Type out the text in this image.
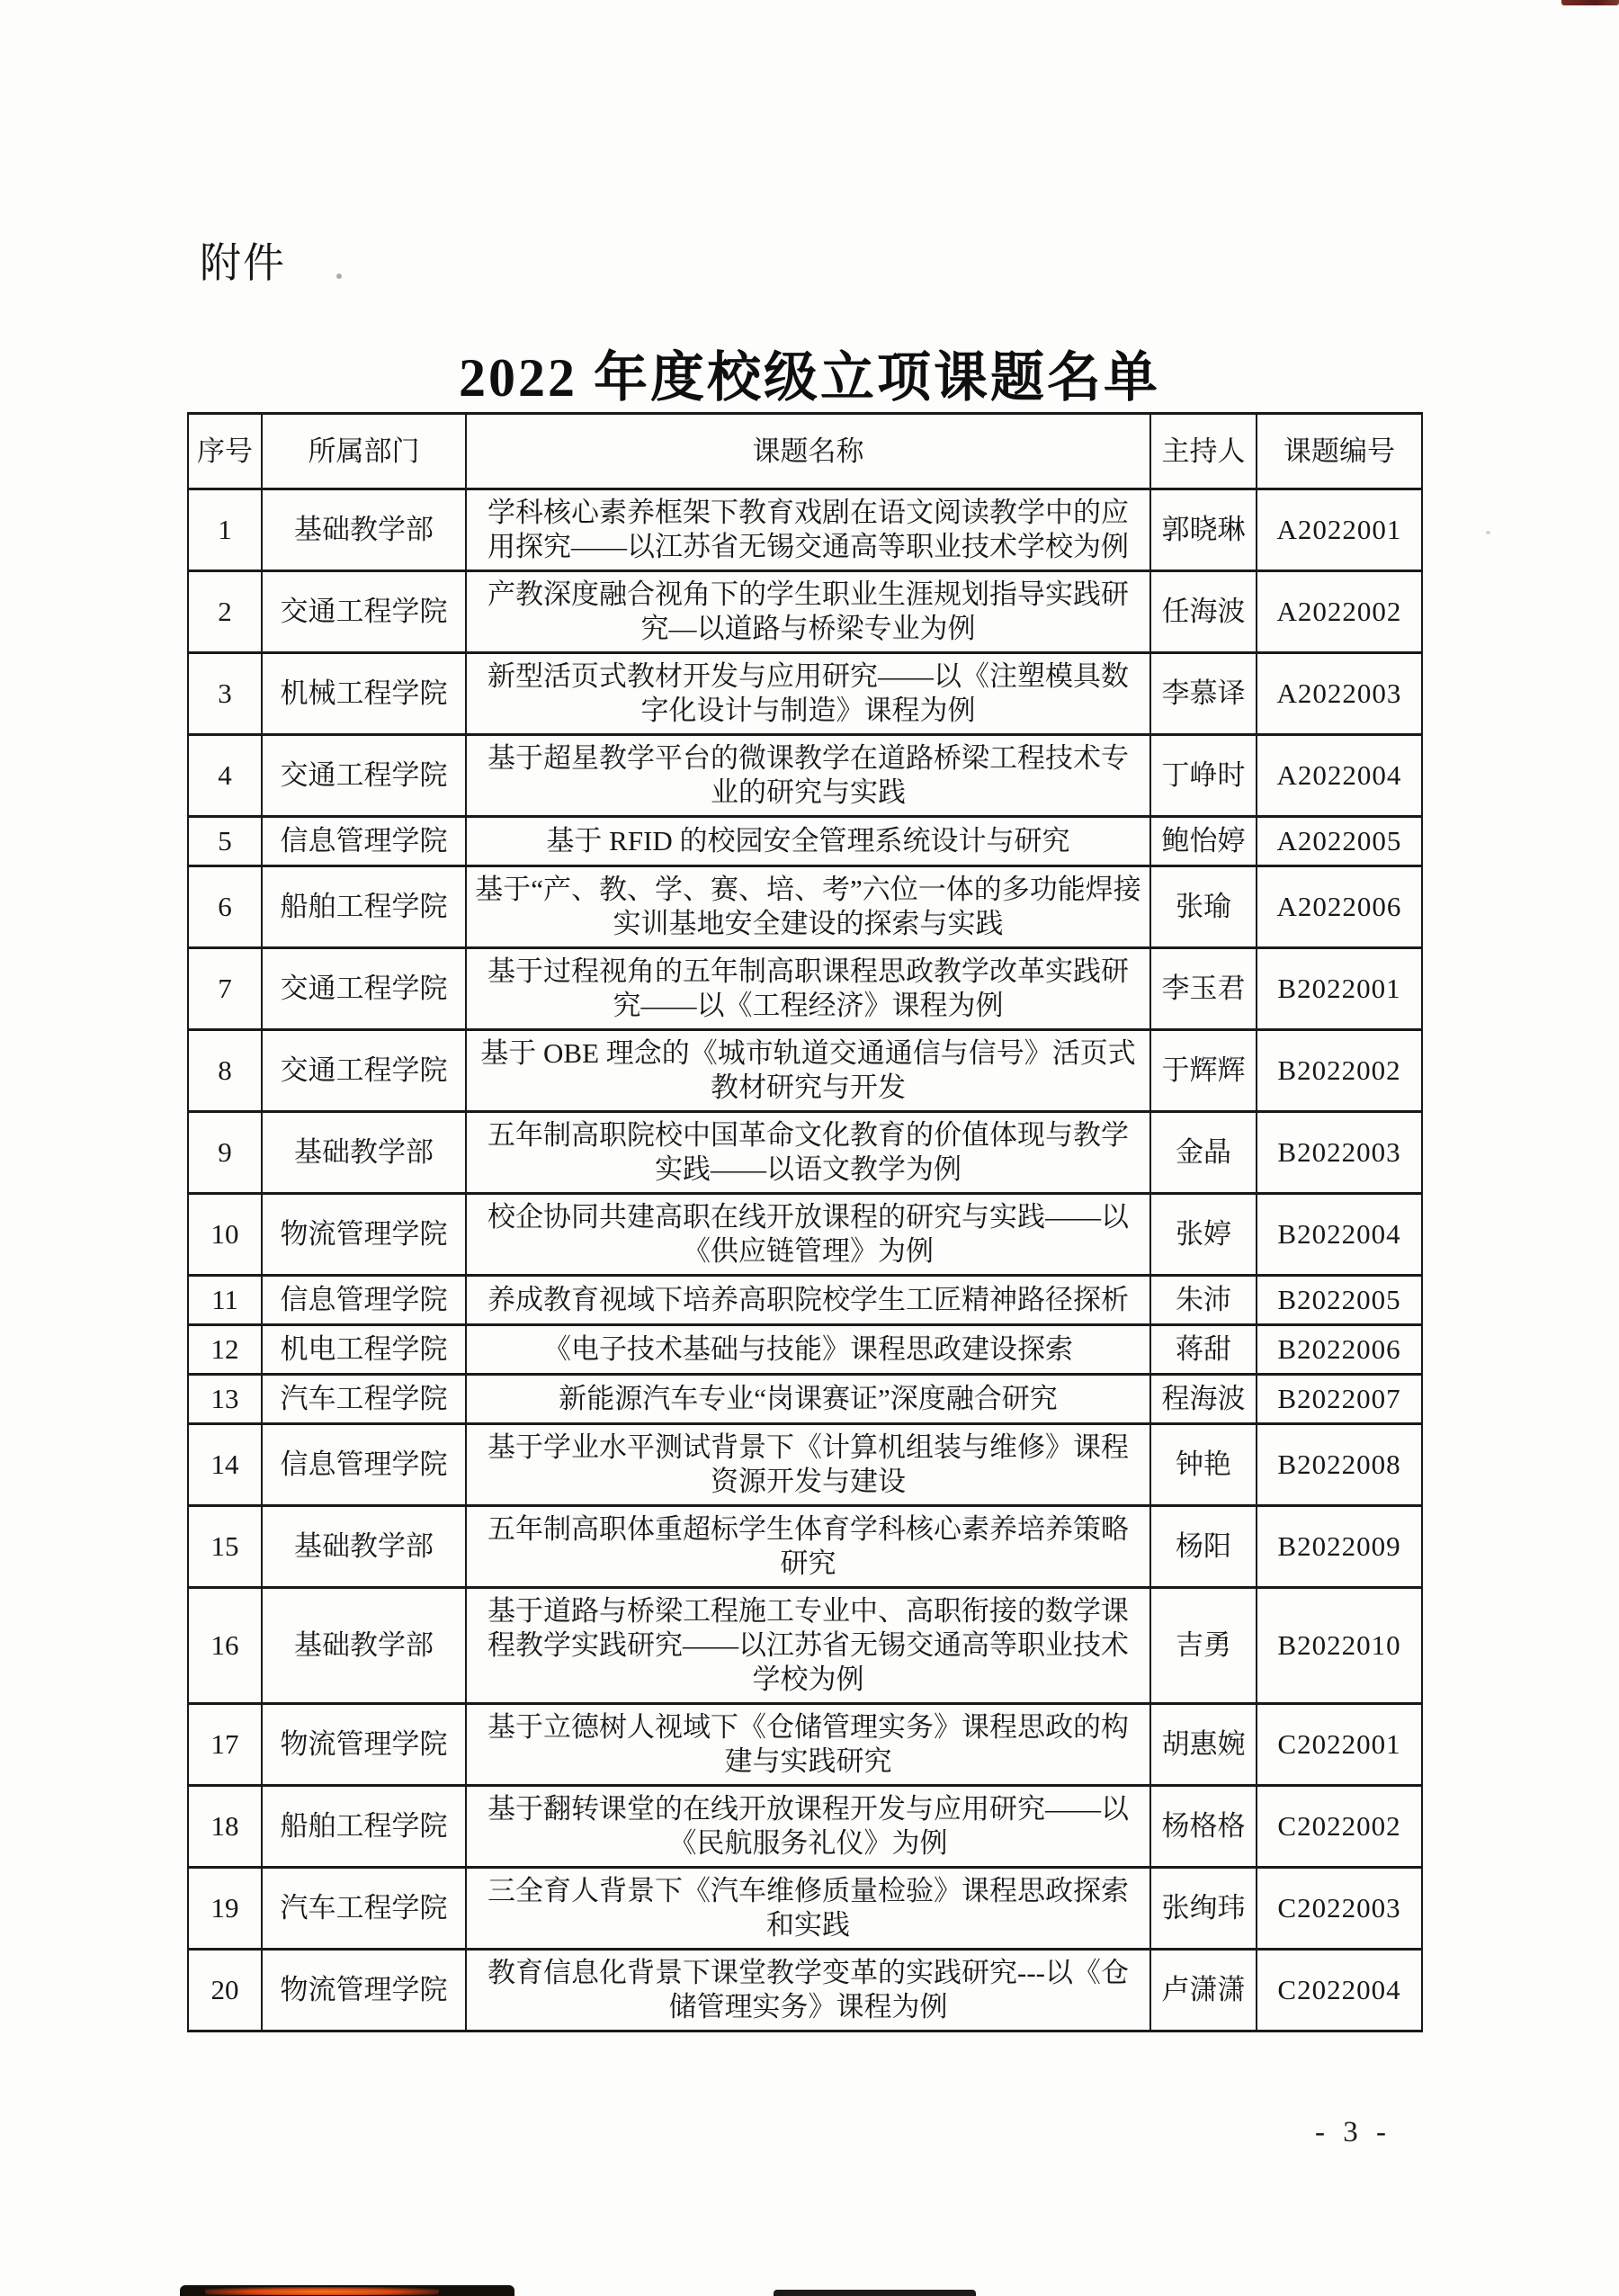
附件
2022 年度校级立项课题名单
序号	所属部门	课题名称	主持人	课题编号
1	基础教学部	学科核心素养框架下教育戏剧在语文阅读教学中的应用探究——以江苏省无锡交通高等职业技术学校为例	郭晓琳	A2022001
2	交通工程学院	产教深度融合视角下的学生职业生涯规划指导实践研究—以道路与桥梁专业为例	任海波	A2022002
3	机械工程学院	新型活页式教材开发与应用研究——以《注塑模具数字化设计与制造》课程为例	李慕译	A2022003
4	交通工程学院	基于超星教学平台的微课教学在道路桥梁工程技术专业的研究与实践	丁峥时	A2022004
5	信息管理学院	基于 RFID 的校园安全管理系统设计与研究	鲍怡婷	A2022005
6	船舶工程学院	基于“产、教、学、赛、培、考”六位一体的多功能焊接实训基地安全建设的探索与实践	张瑜	A2022006
7	交通工程学院	基于过程视角的五年制高职课程思政教学改革实践研究——以《工程经济》课程为例	李玉君	B2022001
8	交通工程学院	基于 OBE 理念的《城市轨道交通通信与信号》活页式教材研究与开发	于辉辉	B2022002
9	基础教学部	五年制高职院校中国革命文化教育的价值体现与教学实践——以语文教学为例	金晶	B2022003
10	物流管理学院	校企协同共建高职在线开放课程的研究与实践——以《供应链管理》为例	张婷	B2022004
11	信息管理学院	养成教育视域下培养高职院校学生工匠精神路径探析	朱沛	B2022005
12	机电工程学院	《电子技术基础与技能》课程思政建设探索	蒋甜	B2022006
13	汽车工程学院	新能源汽车专业“岗课赛证”深度融合研究	程海波	B2022007
14	信息管理学院	基于学业水平测试背景下《计算机组装与维修》课程资源开发与建设	钟艳	B2022008
15	基础教学部	五年制高职体重超标学生体育学科核心素养培养策略研究	杨阳	B2022009
16	基础教学部	基于道路与桥梁工程施工专业中、高职衔接的数学课程教学实践研究——以江苏省无锡交通高等职业技术学校为例	吉勇	B2022010
17	物流管理学院	基于立德树人视域下《仓储管理实务》课程思政的构建与实践研究	胡惠婉	C2022001
18	船舶工程学院	基于翻转课堂的在线开放课程开发与应用研究——以《民航服务礼仪》为例	杨格格	C2022002
19	汽车工程学院	三全育人背景下《汽车维修质量检验》课程思政探索和实践	张绚玮	C2022003
20	物流管理学院	教育信息化背景下课堂教学变革的实践研究---以《仓储管理实务》课程为例	卢潇潇	C2022004
- 3 -
